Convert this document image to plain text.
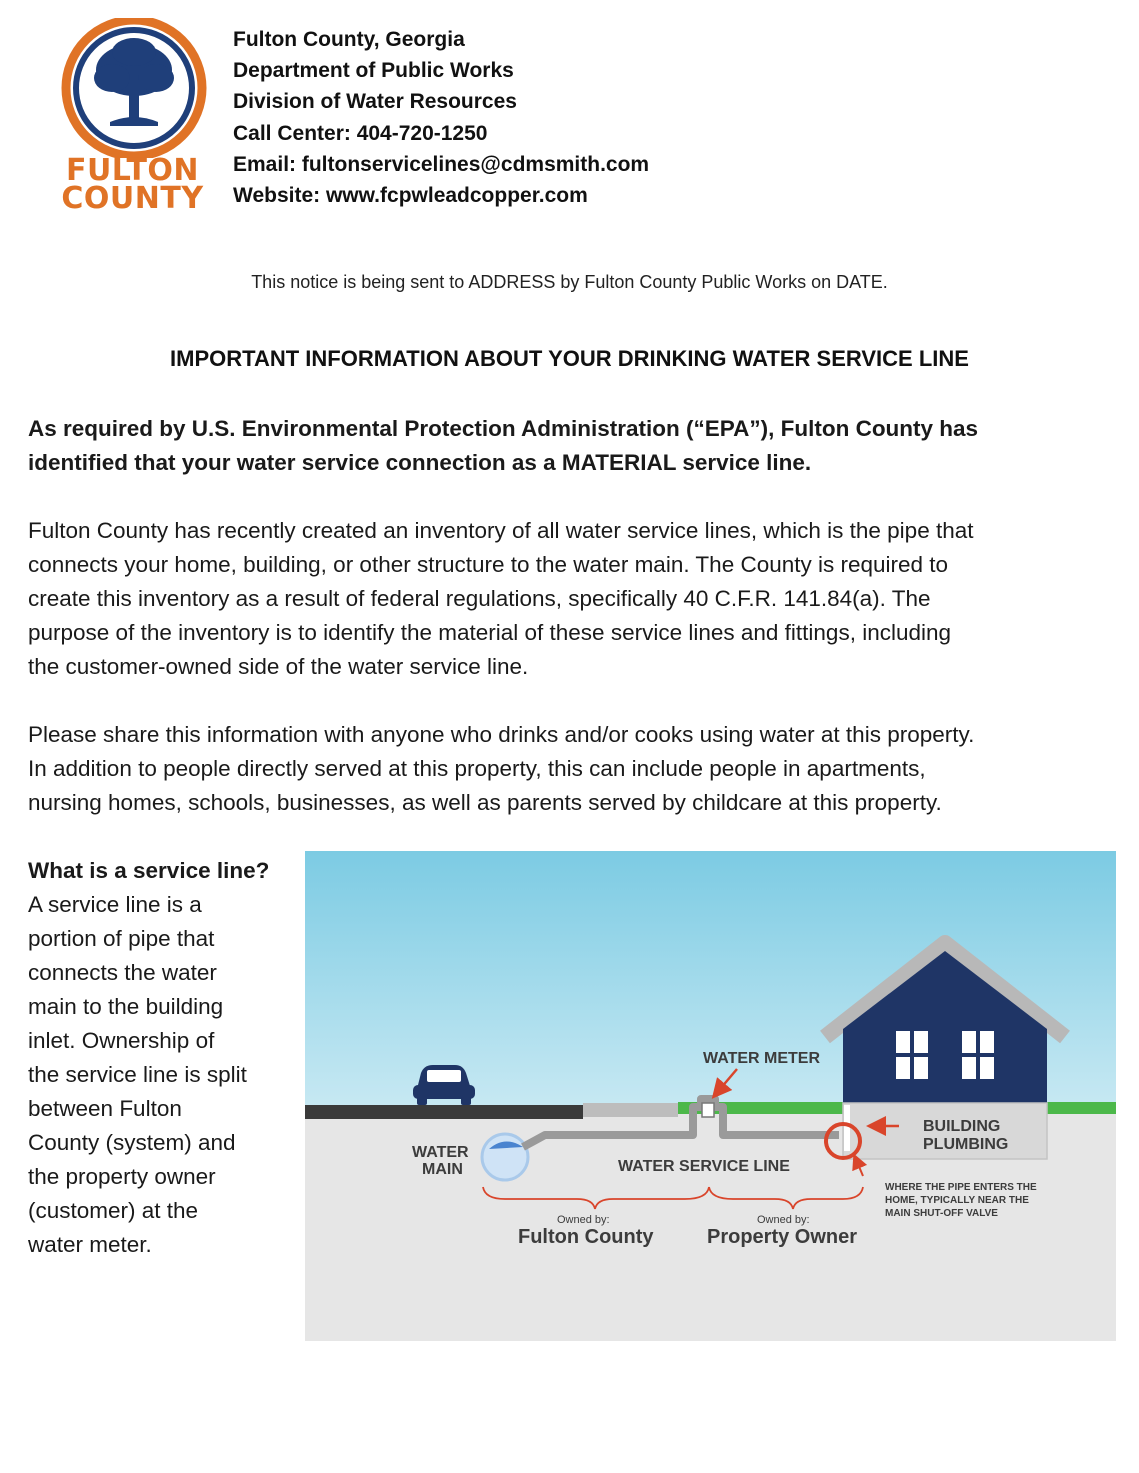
FULTON
COUNTY
Fulton County, Georgia
Department of Public Works
Division of Water Resources
Call Center: 404-720-1250
Email: fultonservicelines@cdmsmith.com
Website: www.fcpwleadcopper.com
This notice is being sent to ADDRESS by Fulton County Public Works on DATE.
IMPORTANT INFORMATION ABOUT YOUR DRINKING WATER SERVICE LINE
As required by U.S. Environmental Protection Administration (“EPA”), Fulton County has
identified that your water service connection as a MATERIAL service line.
Fulton County has recently created an inventory of all water service lines, which is the pipe that
connects your home, building, or other structure to the water main. The County is required to
create this inventory as a result of federal regulations, specifically 40 C.F.R. 141.84(a). The
purpose of the inventory is to identify the material of these service lines and fittings, including
the customer-owned side of the water service line.
Please share this information with anyone who drinks and/or cooks using water at this property.
In addition to people directly served at this property, this can include people in apartments,
nursing homes, schools, businesses, as well as parents served by childcare at this property.
What is a service line?
A service line is a
portion of pipe that
connects the water
main to the building
inlet. Ownership of
the service line is split
between Fulton
County (system) and
the property owner
(customer) at the
water meter.
WATER METER
BUILDING
PLUMBING
WATER
MAIN	WATER SERVICE LINE
WHERE THE PIPE ENTERS THE
HOME, TYPICALLY NEAR THE
MAIN SHUT-OFF VALVE
Owned by:
Fulton County
Owned by:
Property Owner
